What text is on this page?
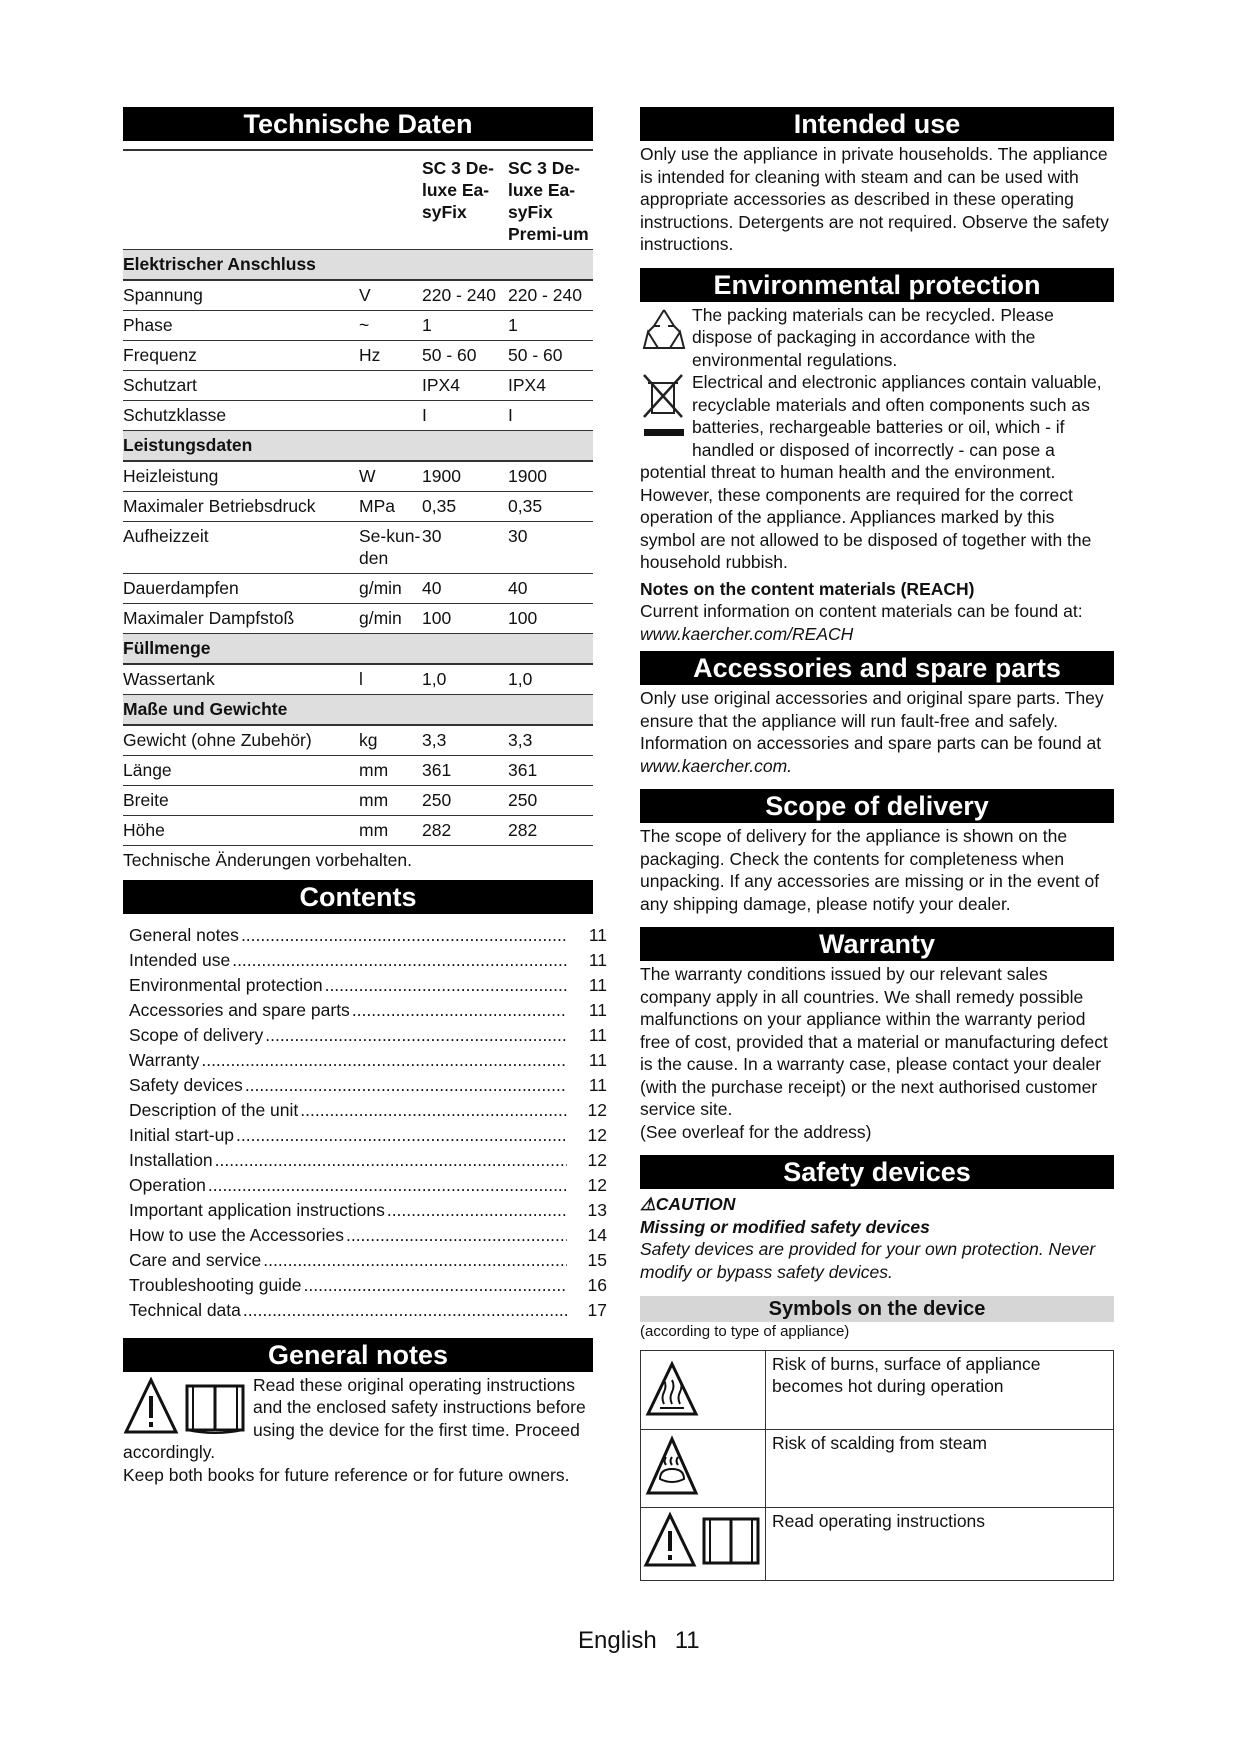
Technische Daten
		SC 3 De-luxe Ea-syFix	SC 3 De-luxe Ea-syFix Premi-um
Elektrischer Anschluss			
Spannung	V	220 - 240	220 - 240
Phase	~	1	1
Frequenz	Hz	50 - 60	50 - 60
Schutzart		IPX4	IPX4
Schutzklasse		I	I
Leistungsdaten			
Heizleistung	W	1900	1900
Maximaler Betriebsdruck	MPa	0,35	0,35
Aufheizzeit	Se-kun-den	30	30
Dauerdampfen	g/min	40	40
Maximaler Dampfstoß	g/min	100	100
Füllmenge			
Wassertank	l	1,0	1,0
Maße und Gewichte			
Gewicht (ohne Zubehör)	kg	3,3	3,3
Länge	mm	361	361
Breite	mm	250	250
Höhe	mm	282	282

Technische Änderungen vorbehalten.

Contents
General notes .....	11
Intended use .....	11
Environmental protection .....	11
Accessories and spare parts .....	11
Scope of delivery .....	11
Warranty .....	11
Safety devices .....	11
Description of the unit .....	12
Initial start-up .....	12
Installation .....	12
Operation .....	12
Important application instructions .....	13
How to use the Accessories .....	14
Care and service .....	15
Troubleshooting guide .....	16
Technical data .....	17
General notes

Read these original operating instructions and the enclosed safety instructions before using the device for the first time. Proceed accordingly.

Keep both books for future reference or for future owners.

Intended use

Only use the appliance in private households. The appliance is intended for cleaning with steam and can be used with appropriate accessories as described in these operating instructions. Detergents are not required. Observe the safety instructions.

Environmental protection

The packing materials can be recycled. Please dispose of packaging in accordance with the environmental regulations.

Electrical and electronic appliances contain valuable, recyclable materials and often components such as batteries, rechargeable batteries or oil, which - if handled or disposed of incorrectly - can pose a potential threat to human health and the environment. However, these components are required for the correct operation of the appliance. Appliances marked by this symbol are not allowed to be disposed of together with the household rubbish.

Notes on the content materials (REACH)

Current information on content materials can be found at: www.kaercher.com/REACH

Accessories and spare parts

Only use original accessories and original spare parts. They ensure that the appliance will run fault-free and safely.

Information on accessories and spare parts can be found at www.kaercher.com.

Scope of delivery

The scope of delivery for the appliance is shown on the packaging. Check the contents for completeness when unpacking. If any accessories are missing or in the event of any shipping damage, please notify your dealer.

Warranty

The warranty conditions issued by our relevant sales company apply in all countries. We shall remedy possible malfunctions on your appliance within the warranty period free of cost, provided that a material or manufacturing defect is the cause. In a warranty case, please contact your dealer (with the purchase receipt) or the next authorised customer service site.

(See overleaf for the address)

Safety devices

⚠CAUTION

Missing or modified safety devices

Safety devices are provided for your own protection. Never modify or bypass safety devices.

Symbols on the device

(according to type of appliance)

	Risk of burns, surface of appliance becomes hot during operation
	Risk of scalding from steam
	Read operating instructions
English 11
